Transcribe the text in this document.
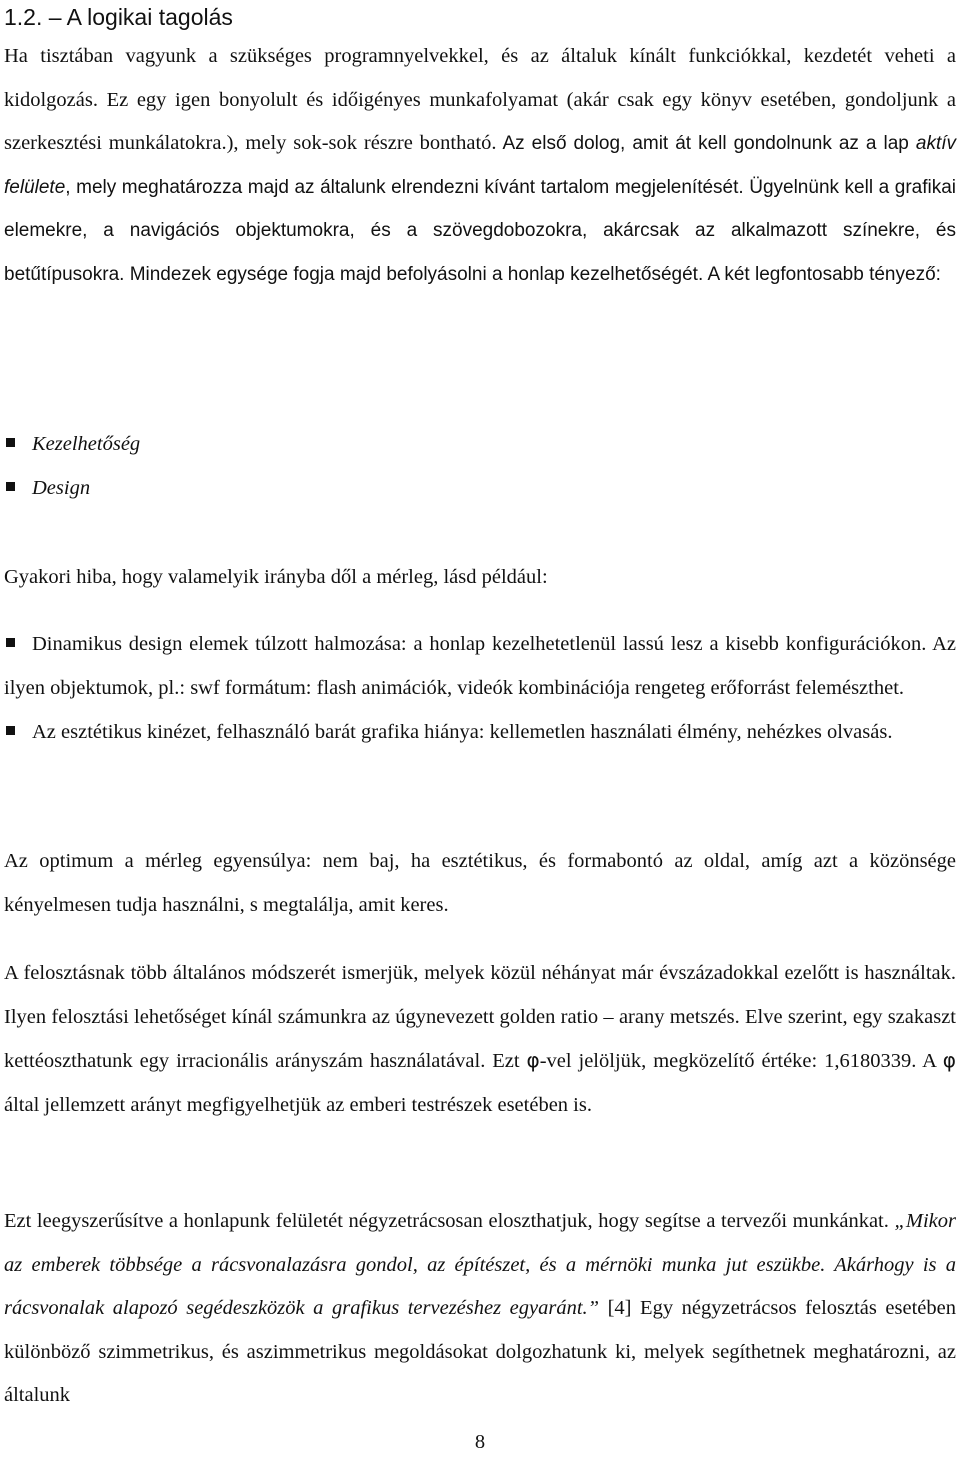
1.2. – A logikai tagolás

Ha tisztában vagyunk a szükséges programnyelvekkel, és az általuk kínált funkciókkal, kezdetét veheti a kidolgozás. Ez egy igen bonyolult és időigényes munkafolyamat (akár csak egy könyv esetében, gondoljunk a szerkesztési munkálatokra.), mely sok-sok részre bontható. Az első dolog, amit át kell gondolnunk az a lap aktív felülete, mely meghatározza majd az általunk elrendezni kívánt tartalom megjelenítését. Ügyelnünk kell a grafikai elemekre, a navigációs objektumokra, és a szövegdobozokra, akárcsak az alkalmazott színekre, és betűtípusokra. Mindezek egysége fogja majd befolyásolni a honlap kezelhetőségét. A két legfontosabb tényező:

Kezelhetőség
Design

Gyakori hiba, hogy valamelyik irányba dől a mérleg, lásd például:

Dinamikus design elemek túlzott halmozása: a honlap kezelhetetlenül lassú lesz a kisebb konfigurációkon. Az ilyen objektumok, pl.: swf formátum: flash animációk, videók kombinációja rengeteg erőforrást felemészthet.
Az esztétikus kinézet, felhasználó barát grafika hiánya: kellemetlen használati élmény, nehézkes olvasás.

Az optimum a mérleg egyensúlya: nem baj, ha esztétikus, és formabontó az oldal, amíg azt a közönsége kényelmesen tudja használni, s megtalálja, amit keres.

A felosztásnak több általános módszerét ismerjük, melyek közül néhányat már évszázadokkal ezelőtt is használtak. Ilyen felosztási lehetőséget kínál számunkra az úgynevezett golden ratio – arany metszés. Elve szerint, egy szakaszt kettéoszthatunk egy irracionális arányszám használatával. Ezt φ-vel jelöljük, megközelítő értéke: 1,6180339. A φ által jellemzett arányt megfigyelhetjük az emberi testrészek esetében is.

Ezt leegyszerűsítve a honlapunk felületét négyzetrácsosan eloszthatjuk, hogy segítse a tervezői munkánkat. „Mikor az emberek többsége a rácsvonalazásra gondol, az építészet, és a mérnöki munka jut eszükbe. Akárhogy is a rácsvonalak alapozó segédeszközök a grafikus tervezéshez egyaránt.” [4] Egy négyzetrácsos felosztás esetében különböző szimmetrikus, és aszimmetrikus megoldásokat dolgozhatunk ki, melyek segíthetnek meghatározni, az általunk

8
